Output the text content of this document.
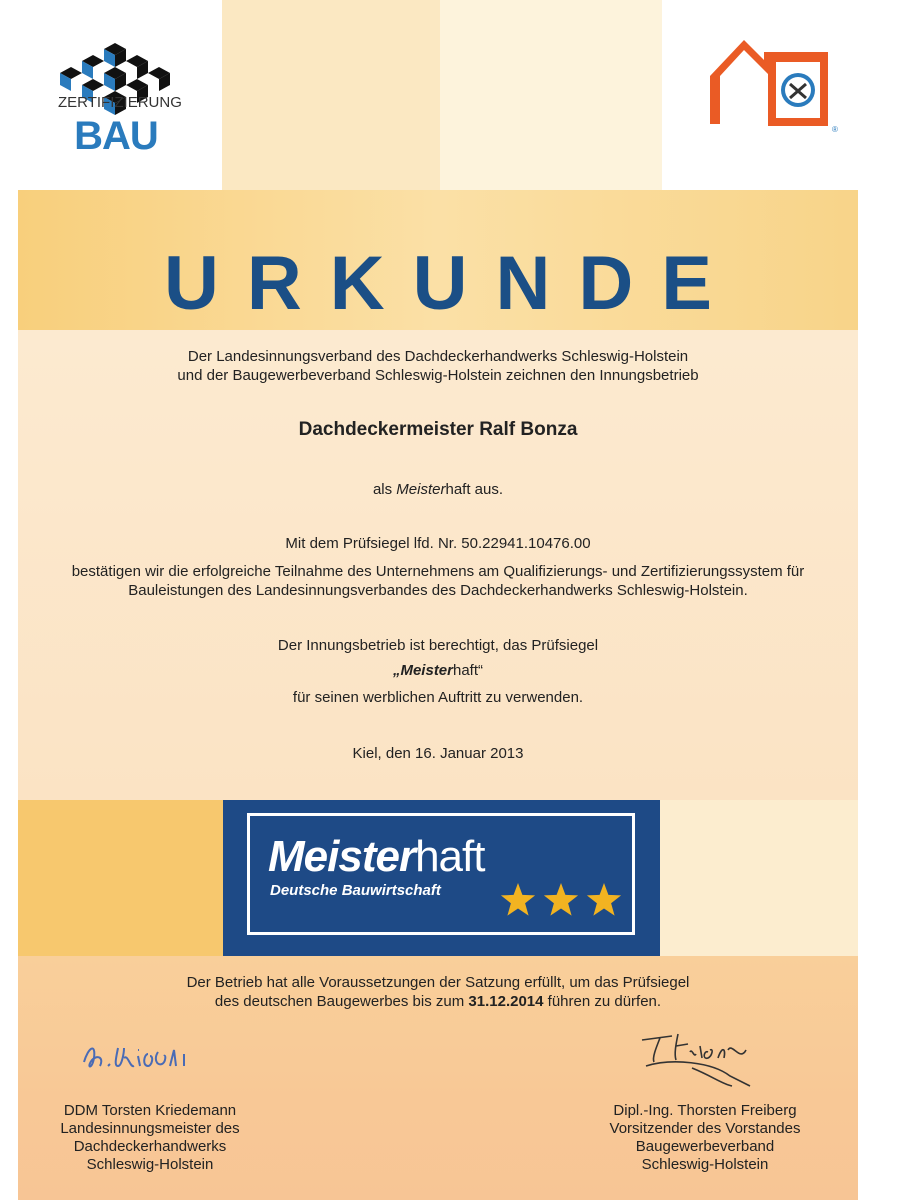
ZERTIFIZIERUNG
BAU	®
URKUNDE
Der Landesinnungsverband des Dachdeckerhandwerks Schleswig-Holstein
und der Baugewerbeverband Schleswig-Holstein zeichnen den Innungsbetrieb
Dachdeckermeister Ralf Bonza
als Meisterhaft aus.
Mit dem Prüfsiegel lfd. Nr. 50.22941.10476.00
bestätigen wir die erfolgreiche Teilnahme des Unternehmens am Qualifizierungs- und Zertifizierungssystem für
Bauleistungen des Landesinnungsverbandes des Dachdeckerhandwerks Schleswig-Holstein.
Der Innungsbetrieb ist berechtigt, das Prüfsiegel
„Meisterhaft“
für seinen werblichen Auftritt zu verwenden.
Kiel, den 16. Januar 2013
Meisterhaft
Deutsche Bauwirtschaft
Der Betrieb hat alle Voraussetzungen der Satzung erfüllt, um das Prüfsiegel
des deutschen Baugewerbes bis zum 31.12.2014 führen zu dürfen.
DDM Torsten Kriedemann
Landesinnungsmeister des
Dachdeckerhandwerks
Schleswig-Holstein
Dipl.-Ing. Thorsten Freiberg
Vorsitzender des Vorstandes
Baugewerbeverband
Schleswig-Holstein
